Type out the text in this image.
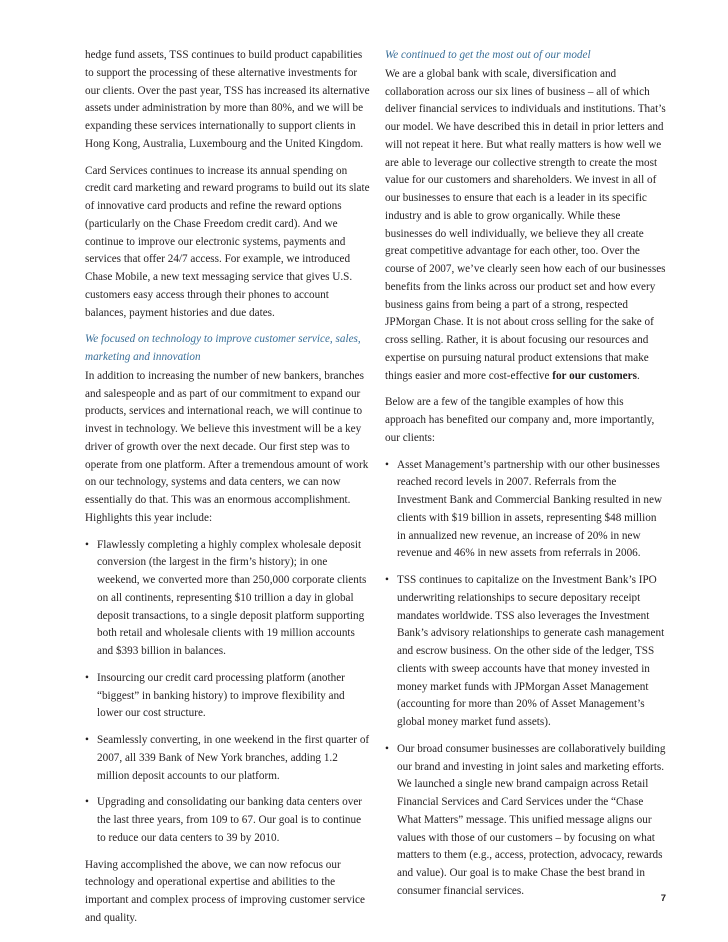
hedge fund assets, TSS continues to build product capabilities to support the processing of these alternative investments for our clients. Over the past year, TSS has increased its alternative assets under administration by more than 80%, and we will be expanding these services internationally to support clients in Hong Kong, Australia, Luxembourg and the United Kingdom.

Card Services continues to increase its annual spending on credit card marketing and reward programs to build out its slate of innovative card products and refine the reward options (particularly on the Chase Freedom credit card). And we continue to improve our electronic systems, payments and services that offer 24/7 access. For example, we introduced Chase Mobile, a new text messaging service that gives U.S. customers easy access through their phones to account balances, payment histories and due dates.

We focused on technology to improve customer service, sales, marketing and innovation

In addition to increasing the number of new bankers, branches and salespeople and as part of our commitment to expand our products, services and international reach, we will continue to invest in technology. We believe this investment will be a key driver of growth over the next decade. Our first step was to operate from one platform. After a tremendous amount of work on our technology, systems and data centers, we can now essentially do that. This was an enormous accomplishment. Highlights this year include:

• Flawlessly completing a highly complex wholesale deposit conversion (the largest in the firm’s history); in one weekend, we converted more than 250,000 corporate clients on all continents, representing $10 trillion a day in global deposit transactions, to a single deposit platform supporting both retail and wholesale clients with 19 million accounts and $393 billion in balances.
• Insourcing our credit card processing platform (another “biggest” in banking history) to improve flexibility and lower our cost structure.
• Seamlessly converting, in one weekend in the first quarter of 2007, all 339 Bank of New York branches, adding 1.2 million deposit accounts to our platform.
• Upgrading and consolidating our banking data centers over the last three years, from 109 to 67. Our goal is to continue to reduce our data centers to 39 by 2010.

Having accomplished the above, we can now refocus our technology and operational expertise and abilities to the important and complex process of improving customer service and quality.

We continued to get the most out of our model

We are a global bank with scale, diversification and collaboration across our six lines of business – all of which deliver financial services to individuals and institutions. That’s our model. We have described this in detail in prior letters and will not repeat it here. But what really matters is how well we are able to leverage our collective strength to create the most value for our customers and shareholders. We invest in all of our businesses to ensure that each is a leader in its specific industry and is able to grow organically. While these businesses do well individually, we believe they all create great competitive advantage for each other, too. Over the course of 2007, we’ve clearly seen how each of our businesses benefits from the links across our product set and how every business gains from being a part of a strong, respected JPMorgan Chase. It is not about cross selling for the sake of cross selling. Rather, it is about focusing our resources and expertise on pursuing natural product extensions that make things easier and more cost-effective for our customers.

Below are a few of the tangible examples of how this approach has benefited our company and, more importantly, our clients:

• Asset Management’s partnership with our other businesses reached record levels in 2007. Referrals from the Investment Bank and Commercial Banking resulted in new clients with $19 billion in assets, representing $48 million in annualized new revenue, an increase of 20% in new revenue and 46% in new assets from referrals in 2006.
• TSS continues to capitalize on the Investment Bank’s IPO underwriting relationships to secure depositary receipt mandates worldwide. TSS also leverages the Investment Bank’s advisory relationships to generate cash management and escrow business. On the other side of the ledger, TSS clients with sweep accounts have that money invested in money market funds with JPMorgan Asset Management (accounting for more than 20% of Asset Management’s global money market fund assets).
• Our broad consumer businesses are collaboratively building our brand and investing in joint sales and marketing efforts. We launched a single new brand campaign across Retail Financial Services and Card Services under the “Chase What Matters” message. This unified message aligns our values with those of our customers – by focusing on what matters to them (e.g., access, protection, advocacy, rewards and value). Our goal is to make Chase the best brand in consumer financial services.
7
